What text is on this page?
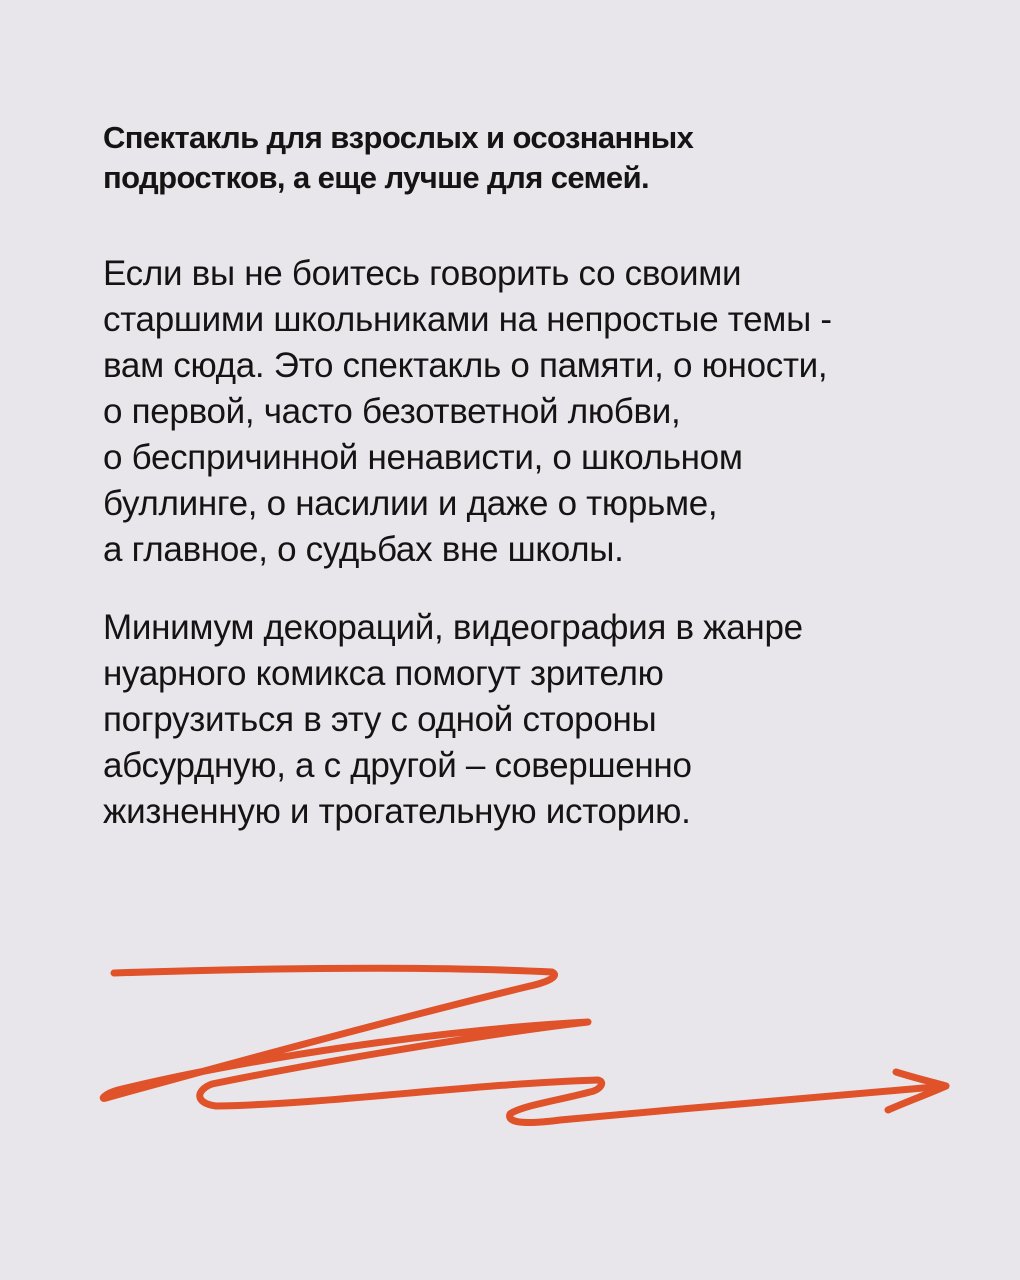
Спектакль для взрослых и осознанных
подростков, а еще лучше для семей.

Если вы не боитесь говорить со своими
старшими школьниками на непростые темы -
вам сюда. Это спектакль о памяти, о юности,
о первой, часто безответной любви,
о беспричинной ненависти, о школьном
буллинге, о насилии и даже о тюрьме,
а главное, о судьбах вне школы.

Минимум декораций, видеография в жанре
нуарного комикса помогут зрителю
погрузиться в эту с одной стороны
абсурдную, а с другой – совершенно
жизненную и трогательную историю.
